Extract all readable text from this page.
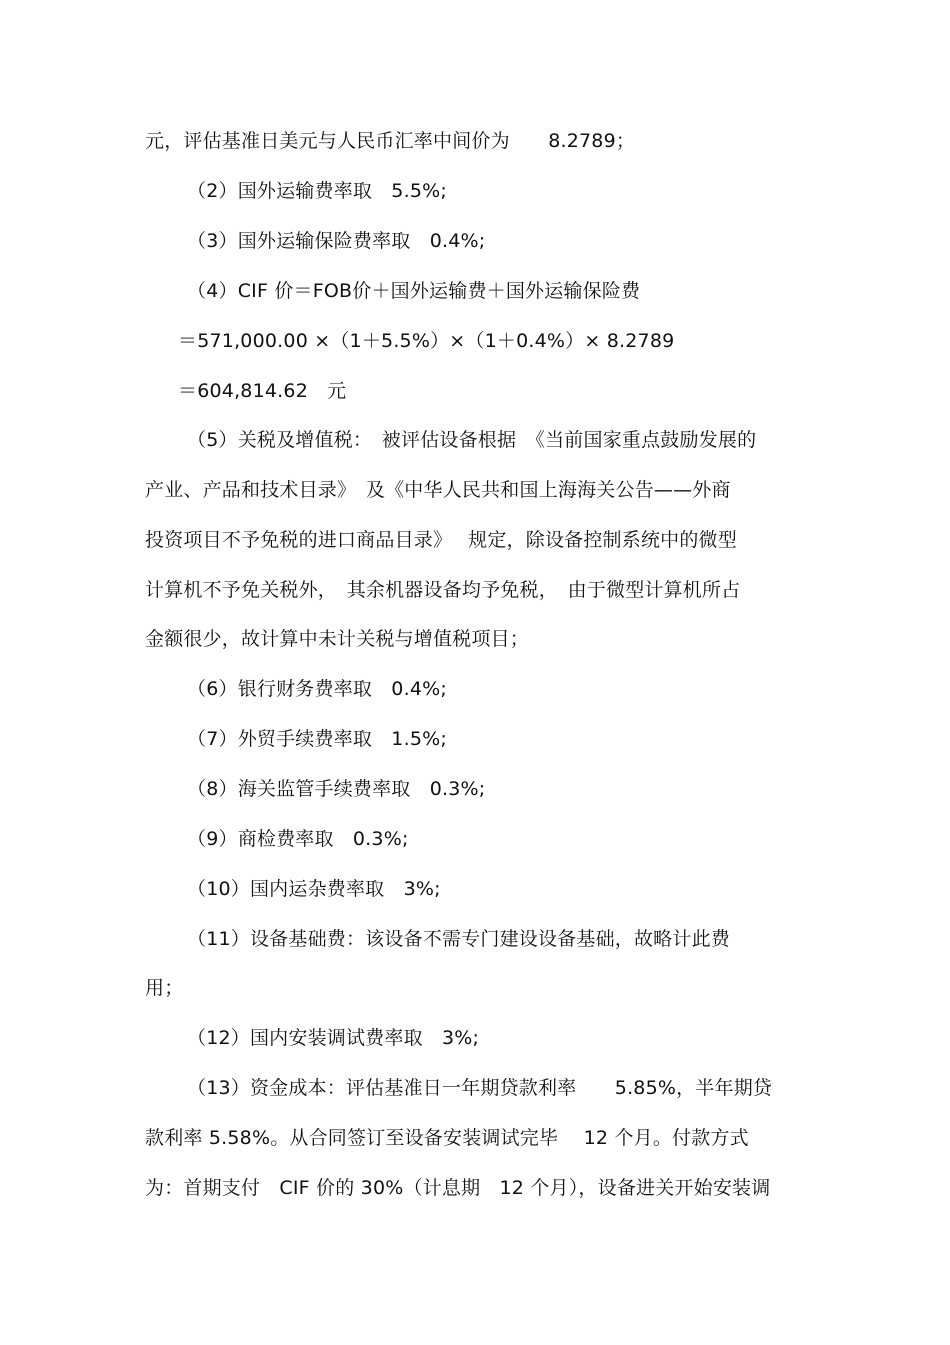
元，评估基准日美元与人民币汇率中间价为　　8.2789；
（2）国外运输费率取　5.5%;
（3）国外运输保险费率取　0.4%;
（4）CIF 价＝FOB价＋国外运输费＋国外运输保险费
＝571,000.00 ×（1＋5.5%）×（1＋0.4%）× 8.2789
＝604,814.62　元
（5）关税及增值税：　被评估设备根据　《当前国家重点鼓励发展的
产业、产品和技术目录》　及《中华人民共和国上海海关公告——外商
投资项目不予免税的进口商品目录》　 规定，除设备控制系统中的微型
计算机不予免关税外，　其余机器设备均予免税，　由于微型计算机所占
金额很少，故计算中未计关税与增值税项目；
（6）银行财务费率取　0.4%;
（7）外贸手续费率取　1.5%;
（8）海关监管手续费率取　0.3%;
（9）商检费率取　0.3%;
（10）国内运杂费率取　3%;
（11）设备基础费：该设备不需专门建设设备基础，故略计此费
用；
（12）国内安装调试费率取　3%;
（13）资金成本：评估基准日一年期贷款利率　　5.85%，半年期贷
款利率 5.58%。从合同签订至设备安装调试完毕　 12 个月。付款方式
为：首期支付　CIF 价的 30%（计息期　12 个月），设备进关开始安装调
